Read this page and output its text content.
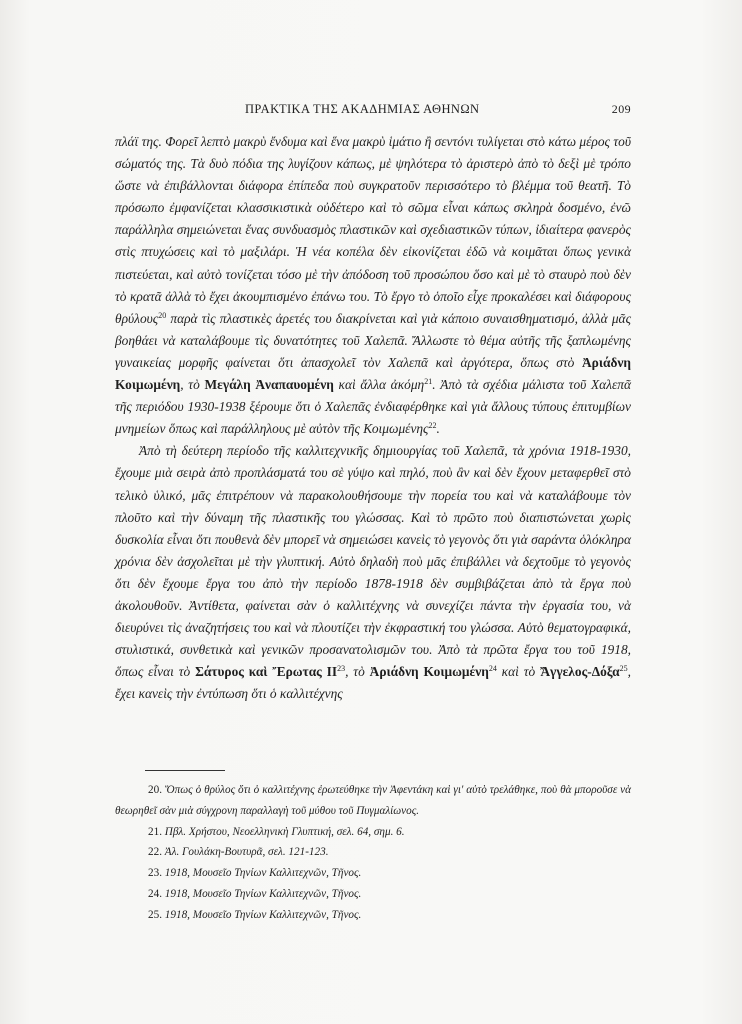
ΠΡΑΚΤΙΚΑ ΤΗΣ ΑΚΑΔΗΜΙΑΣ ΑΘΗΝΩΝ	209

πλάϊ της. Φορεῖ λεπτὸ μακρὺ ἔνδυμα καὶ ἕνα μακρὺ ἱμάτιο ἢ σεντόνι τυλίγεται στὸ κάτω μέρος τοῦ σώματός της. Τὰ δυὸ πόδια της λυγίζουν κάπως, μὲ ψηλότερα τὸ ἀριστερὸ ἀπὸ τὸ δεξὶ μὲ τρόπο ὥστε νὰ ἐπιβάλλονται διάφορα ἐπίπεδα ποὺ συγκρατοῦν περισσότερο τὸ βλέμμα τοῦ θεατῆ. Τὸ πρόσωπο ἐμφανίζεται κλασσικιστικὰ οὐδέτερο καὶ τὸ σῶμα εἶναι κάπως σκληρὰ δοσμένο, ἐνῶ παράλληλα σημειώνεται ἕνας συνδυασμὸς πλαστικῶν καὶ σχεδιαστικῶν τύπων, ἰδιαίτερα φανερὸς στὶς πτυχώσεις καὶ τὸ μαξιλάρι. Ἡ νέα κοπέλα δὲν εἰκονίζεται ἐδῶ νὰ κοιμᾶται ὅπως γενικὰ πιστεύεται, καὶ αὐτὸ τονίζεται τόσο μὲ τὴν ἀπόδοση τοῦ προσώπου ὅσο καὶ μὲ τὸ σταυρὸ ποὺ δὲν τὸ κρατᾶ ἀλλὰ τὸ ἔχει ἀκουμπισμένο ἐπάνω του. Τὸ ἔργο τὸ ὁποῖο εἶχε προκαλέσει καὶ διάφορους θρύλους$^{20}$ παρὰ τὶς πλαστικὲς ἀρετές του διακρίνεται καὶ γιὰ κάποιο συναισθηματισμό, ἀλλὰ μᾶς βοηθάει νὰ καταλάβουμε τὶς δυνατότητες τοῦ Χαλεπᾶ. Ἄλλωστε τὸ θέμα αὐτῆς τῆς ξαπλωμένης γυναικείας μορφῆς φαίνεται ὅτι ἀπασχολεῖ τὸν Χαλεπᾶ καὶ ἀργότερα, ὅπως στὸ Ἀριάδνη Κοιμωμένη, τὸ Μεγάλη Ἀναπαυομένη καὶ ἄλλα ἀκόμη$^{21}$. Ἀπὸ τὰ σχέδια μάλιστα τοῦ Χαλεπᾶ τῆς περιόδου 1930-1938 ξέρουμε ὅτι ὁ Χαλεπᾶς ἐνδιαφέρθηκε καὶ γιὰ ἄλλους τύπους ἐπιτυμβίων μνημείων ὅπως καὶ παράλληλους μὲ αὐτὸν τῆς Κοιμωμένης$^{22}$.

Ἀπὸ τὴ δεύτερη περίοδο τῆς καλλιτεχνικῆς δημιουργίας τοῦ Χαλεπᾶ, τὰ χρόνια 1918-1930, ἔχουμε μιὰ σειρὰ ἀπὸ προπλάσματά του σὲ γύψο καὶ πηλό, ποὺ ἂν καὶ δὲν ἔχουν μεταφερθεῖ στὸ τελικὸ ὑλικό, μᾶς ἐπιτρέπουν νὰ παρακολουθήσουμε τὴν πορεία του καὶ νὰ καταλάβουμε τὸν πλοῦτο καὶ τὴν δύναμη τῆς πλαστικῆς του γλώσσας. Καὶ τὸ πρῶτο ποὺ διαπιστώνεται χωρὶς δυσκολία εἶναι ὅτι πουθενὰ δὲν μπορεῖ νὰ σημειώσει κανεὶς τὸ γεγονὸς ὅτι γιὰ σαράντα ὁλόκληρα χρόνια δὲν ἀσχολεῖται μὲ τὴν γλυπτική. Αὐτὸ δηλαδὴ ποὺ μᾶς ἐπιβάλλει νὰ δεχτοῦμε τὸ γεγονὸς ὅτι δὲν ἔχουμε ἔργα του ἀπὸ τὴν περίοδο 1878-1918 δὲν συμβιβάζεται ἀπὸ τὰ ἔργα ποὺ ἀκολουθοῦν. Ἀντίθετα, φαίνεται σὰν ὁ καλλιτέχνης νὰ συνεχίζει πάντα τὴν ἐργασία του, νὰ διευρύνει τὶς ἀναζητήσεις του καὶ νὰ πλουτίζει τὴν ἐκφραστική του γλώσσα. Αὐτὸ θεματογραφικά, στυλιστικά, συνθετικὰ καὶ γενικῶν προσανατολισμῶν του. Ἀπὸ τὰ πρῶτα ἔργα του τοῦ 1918, ὅπως εἶναι τὸ Σάτυρος καὶ Ἔρωτας ΙΙ$^{23}$, τὸ Ἀριάδνη Κοιμωμένη$^{24}$ καὶ τὸ Ἄγγελος-Δόξα$^{25}$, ἔχει κανεὶς τὴν ἐντύπωση ὅτι ὁ καλλιτέχνης

20. Ὅπως ὁ θρύλος ὅτι ὁ καλλιτέχνης ἐρωτεύθηκε τὴν Ἀφεντάκη καὶ γι' αὐτὸ τρελάθηκε, ποὺ θὰ μποροῦσε νὰ θεωρηθεῖ σὰν μιὰ σύγχρονη παραλλαγὴ τοῦ μύθου τοῦ Πυγμαλίωνος.

21. Πβλ. Χρήστου, Νεοελληνικὴ Γλυπτική, σελ. 64, σημ. 6.

22. Ἀλ. Γουλάκη-Βουτυρᾶ, σελ. 121-123.

23. 1918, Μουσεῖο Τηνίων Καλλιτεχνῶν, Τῆνος.

24. 1918, Μουσεῖο Τηνίων Καλλιτεχνῶν, Τῆνος.

25. 1918, Μουσεῖο Τηνίων Καλλιτεχνῶν, Τῆνος.
